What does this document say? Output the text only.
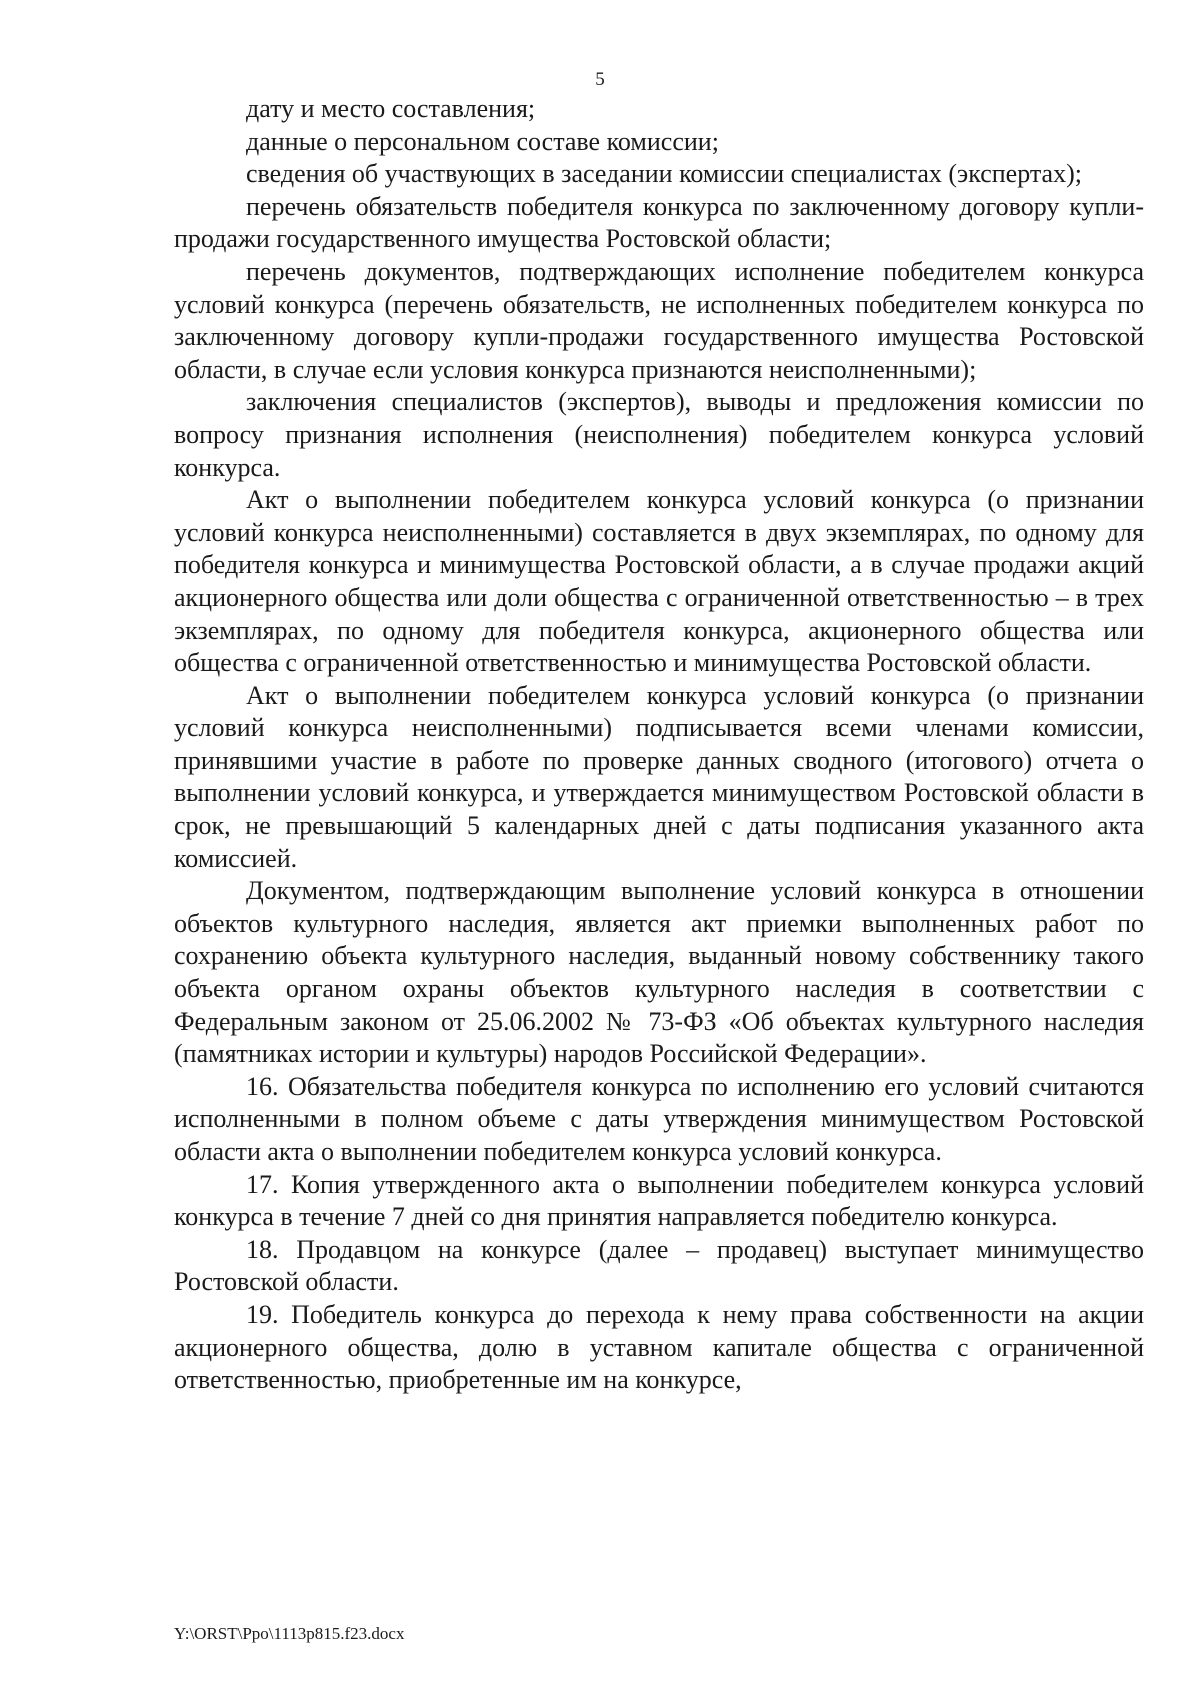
5

дату и место составления;

данные о персональном составе комиссии;

сведения об участвующих в заседании комиссии специалистах (экспертах);

перечень обязательств победителя конкурса по заключенному договору купли-продажи государственного имущества Ростовской области;

перечень документов, подтверждающих исполнение победителем конкурса условий конкурса (перечень обязательств, не исполненных победителем конкурса по заключенному договору купли-продажи государственного имущества Ростовской области, в случае если условия конкурса признаются неисполненными);

заключения специалистов (экспертов), выводы и предложения комиссии по вопросу признания исполнения (неисполнения) победителем конкурса условий конкурса.

Акт о выполнении победителем конкурса условий конкурса (о признании условий конкурса неисполненными) составляется в двух экземплярах, по одному для победителя конкурса и минимущества Ростовской области, а в случае продажи акций акционерного общества или доли общества с ограниченной ответственностью – в трех экземплярах, по одному для победителя конкурса, акционерного общества или общества с ограниченной ответственностью и минимущества Ростовской области.

Акт о выполнении победителем конкурса условий конкурса (о признании условий конкурса неисполненными) подписывается всеми членами комиссии, принявшими участие в работе по проверке данных сводного (итогового) отчета о выполнении условий конкурса, и утверждается минимуществом Ростовской области в срок, не превышающий 5 календарных дней с даты подписания указанного акта комиссией.

Документом, подтверждающим выполнение условий конкурса в отношении объектов культурного наследия, является акт приемки выполненных работ по сохранению объекта культурного наследия, выданный новому собственнику такого объекта органом охраны объектов культурного наследия в соответствии с Федеральным законом от 25.06.2002 № 73-ФЗ «Об объектах культурного наследия (памятниках истории и культуры) народов Российской Федерации».

16. Обязательства победителя конкурса по исполнению его условий считаются исполненными в полном объеме с даты утверждения минимуществом Ростовской области акта о выполнении победителем конкурса условий конкурса.

17. Копия утвержденного акта о выполнении победителем конкурса условий конкурса в течение 7 дней со дня принятия направляется победителю конкурса.

18. Продавцом на конкурсе (далее – продавец) выступает минимущество Ростовской области.

19. Победитель конкурса до перехода к нему права собственности на акции акционерного общества, долю в уставном капитале общества с ограниченной ответственностью, приобретенные им на конкурсе,

Y:\ORST\Ppo\1113p815.f23.docx
